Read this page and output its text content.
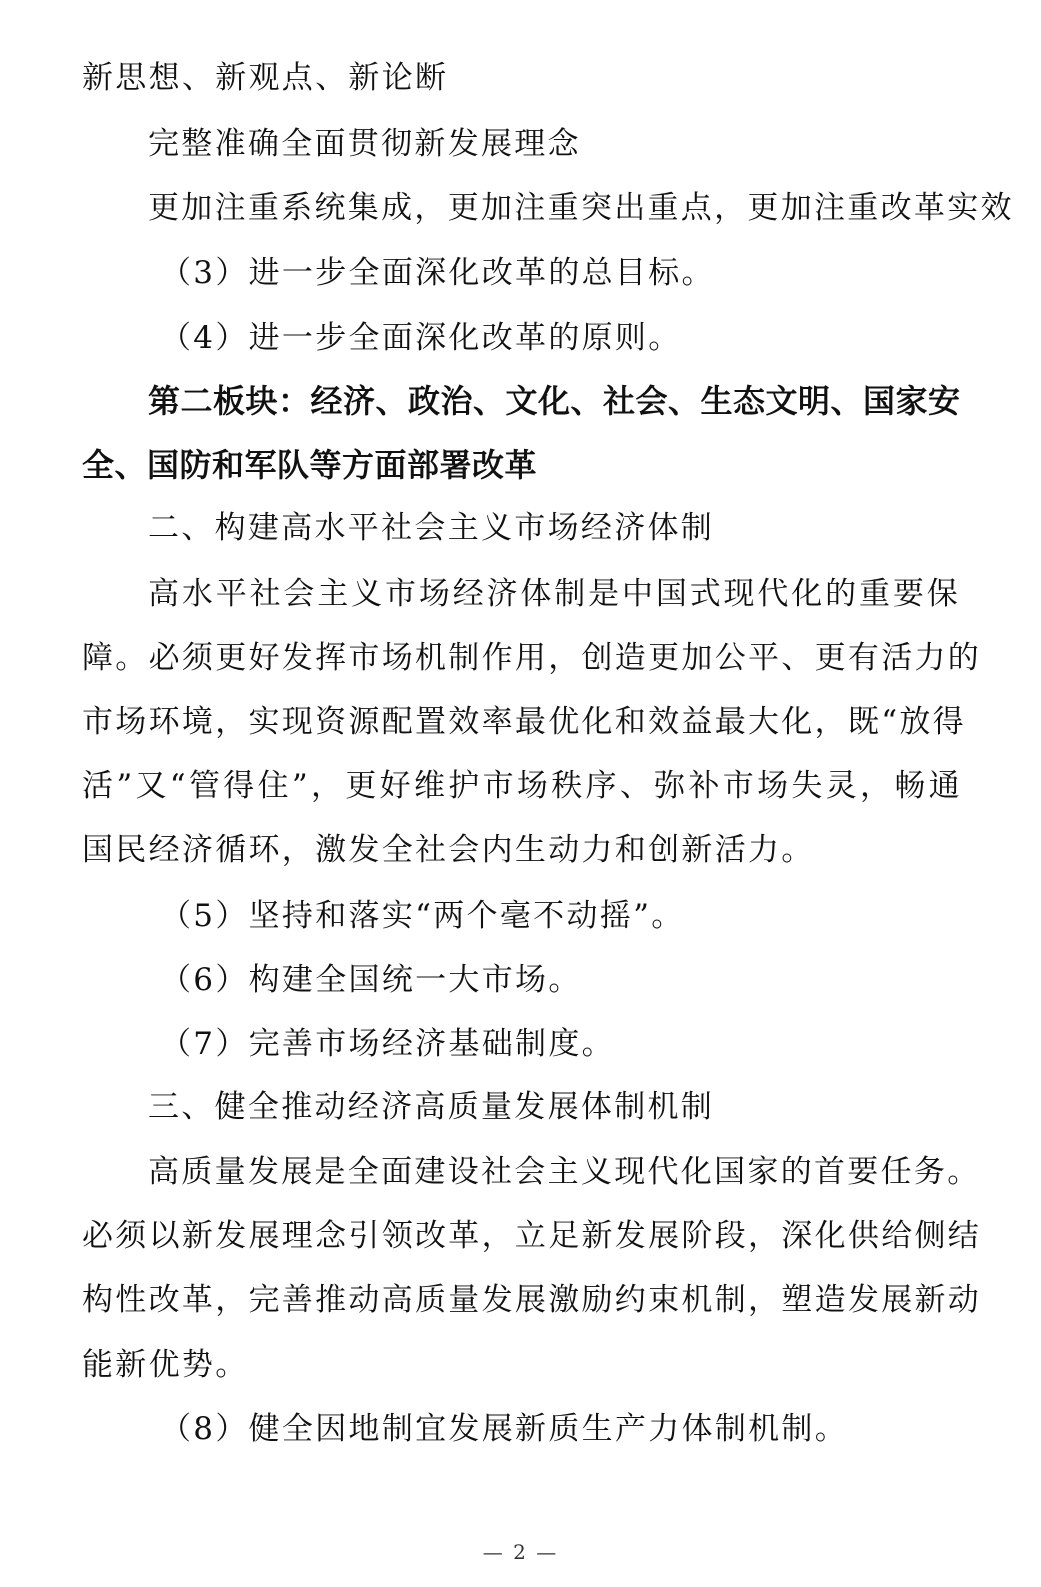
新思想、新观点、新论断
完整准确全面贯彻新发展理念
更加注重系统集成，更加注重突出重点，更加注重改革实效
（3）进一步全面深化改革的总目标。
（4）进一步全面深化改革的原则。
第二板块：经济、政治、文化、社会、生态文明、国家安
全、国防和军队等方面部署改革
二、构建高水平社会主义市场经济体制
高水平社会主义市场经济体制是中国式现代化的重要保
障。必须更好发挥市场机制作用，创造更加公平、更有活力的
市场环境，实现资源配置效率最优化和效益最大化，既“放得
活”又“管得住”，更好维护市场秩序、弥补市场失灵，畅通
国民经济循环，激发全社会内生动力和创新活力。
（5）坚持和落实“两个毫不动摇”。
（6）构建全国统一大市场。
（7）完善市场经济基础制度。
三、健全推动经济高质量发展体制机制
高质量发展是全面建设社会主义现代化国家的首要任务。
必须以新发展理念引领改革，立足新发展阶段，深化供给侧结
构性改革，完善推动高质量发展激励约束机制，塑造发展新动
能新优势。
（8）健全因地制宜发展新质生产力体制机制。
— 2 —
